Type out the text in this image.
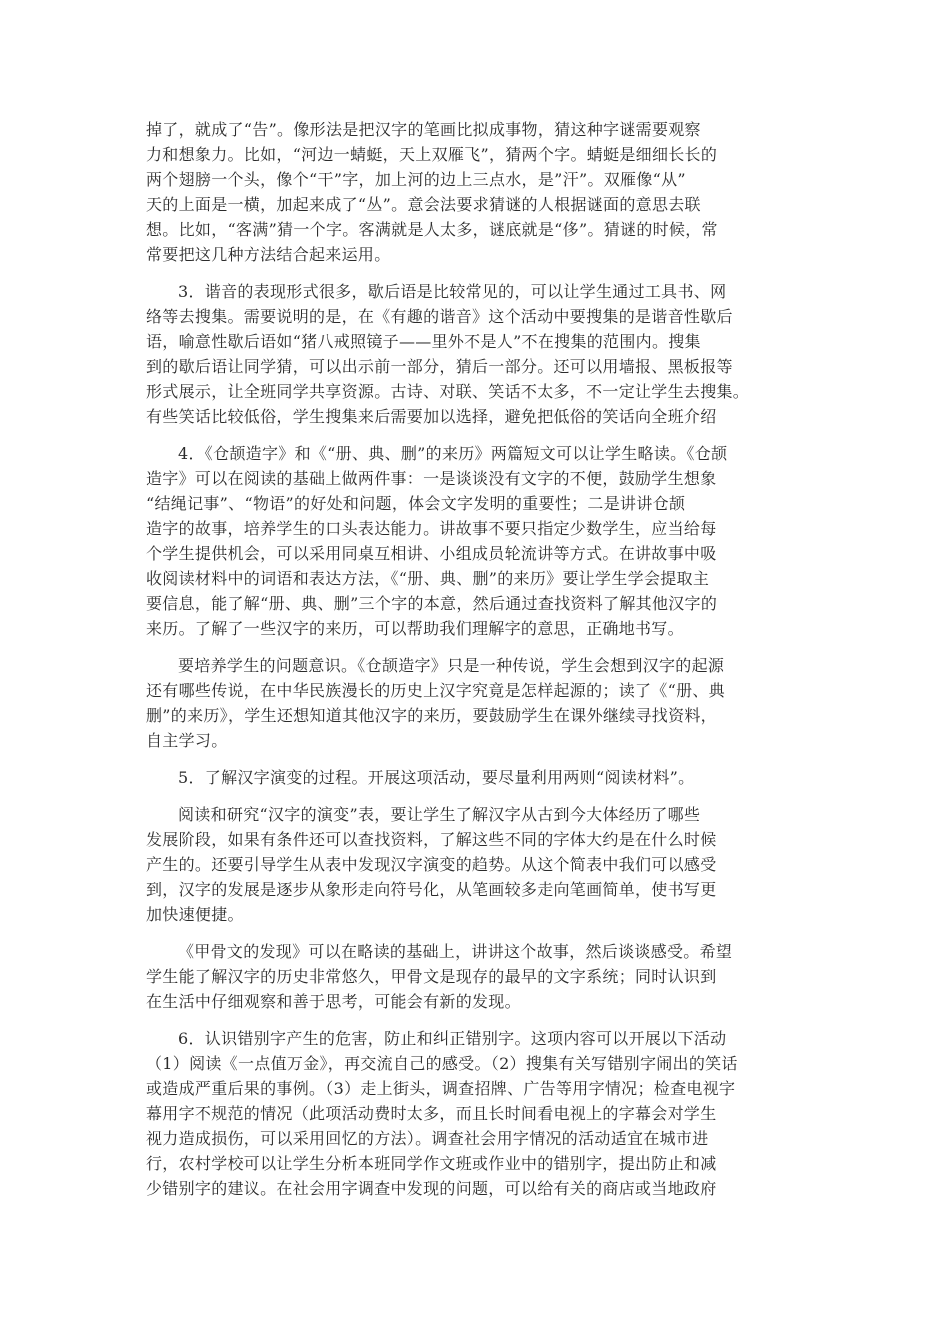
掉了，就成了“告”。像形法是把汉字的笔画比拟成事物，猜这种字谜需要观察
力和想象力。比如，“河边一蜻蜓，天上双雁飞”，猜两个字。蜻蜓是细细长长的
两个翅膀一个头，像个“干”字，加上河的边上三点水，是”汗”。双雁像“从”
天的上面是一横，加起来成了“丛”。意会法要求猜谜的人根据谜面的意思去联
想。比如，“客满”猜一个字。客满就是人太多，谜底就是“侈”。猜谜的时候，常
常要把这几种方法结合起来运用。
3．谐音的表现形式很多，歇后语是比较常见的，可以让学生通过工具书、网
络等去搜集。需要说明的是，在《有趣的谐音》这个活动中要搜集的是谐音性歇后
语，喻意性歇后语如“猪八戒照镜子——里外不是人”不在搜集的范围内。搜集
到的歇后语让同学猜，可以出示前一部分，猜后一部分。还可以用墙报、黑板报等
形式展示，让全班同学共享资源。古诗、对联、笑话不太多，不一定让学生去搜集。
有些笑话比较低俗，学生搜集来后需要加以选择，避免把低俗的笑话向全班介绍
4．《仓颉造字》和《“册、典、删”的来历》两篇短文可以让学生略读。《仓颉
造字》可以在阅读的基础上做两件事：一是谈谈没有文字的不便，鼓励学生想象
“结绳记事”、“物语”的好处和问题，体会文字发明的重要性；二是讲讲仓颉
造字的故事，培养学生的口头表达能力。讲故事不要只指定少数学生，应当给每
个学生提供机会，可以采用同桌互相讲、小组成员轮流讲等方式。在讲故事中吸
收阅读材料中的词语和表达方法，《“册、典、删”的来历》要让学生学会提取主
要信息，能了解“册、典、删”三个字的本意，然后通过查找资料了解其他汉字的
来历。了解了一些汉字的来历，可以帮助我们理解字的意思，正确地书写。
要培养学生的问题意识。《仓颉造字》只是一种传说，学生会想到汉字的起源
还有哪些传说，在中华民族漫长的历史上汉字究竟是怎样起源的；读了《“册、典
删”的来历》，学生还想知道其他汉字的来历，要鼓励学生在课外继续寻找资料，
自主学习。
5．了解汉字演变的过程。开展这项活动，要尽量利用两则“阅读材料”。
阅读和研究“汉字的演变”表，要让学生了解汉字从古到今大体经历了哪些
发展阶段，如果有条件还可以查找资料，了解这些不同的字体大约是在什么时候
产生的。还要引导学生从表中发现汉字演变的趋势。从这个简表中我们可以感受
到，汉字的发展是逐步从象形走向符号化，从笔画较多走向笔画简单，使书写更
加快速便捷。
《甲骨文的发现》可以在略读的基础上，讲讲这个故事，然后谈谈感受。希望
学生能了解汉字的历史非常悠久，甲骨文是现存的最早的文字系统；同时认识到
在生活中仔细观察和善于思考，可能会有新的发现。
6．认识错别字产生的危害，防止和纠正错别字。这项内容可以开展以下活动
（1）阅读《一点值万金》，再交流自己的感受。（2）搜集有关写错别字闹出的笑话
或造成严重后果的事例。（3）走上街头，调查招牌、广告等用字情况；检查电视字
幕用字不规范的情况（此项活动费时太多，而且长时间看电视上的字幕会对学生
视力造成损伤，可以采用回忆的方法）。调查社会用字情况的活动适宜在城市进
行，农村学校可以让学生分析本班同学作文班或作业中的错别字，提出防止和减
少错别字的建议。在社会用字调查中发现的问题，可以给有关的商店或当地政府
